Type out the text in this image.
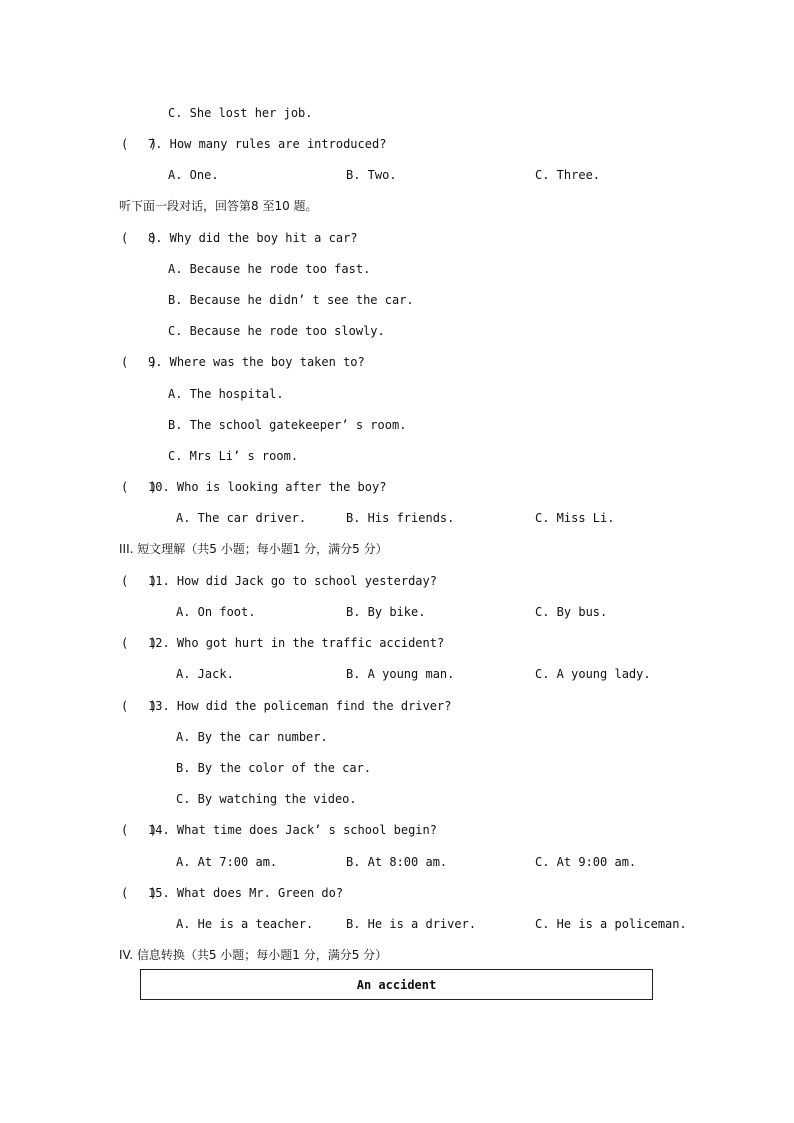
C. She lost her job.
(   )
7. How many rules are introduced?
A. One.	B. Two.	C. Three.
听下面一段对话，回答第8 至10 题。
(   )
8. Why did the boy hit a car?
A. Because he rode too fast.
B. Because he didn’ t see the car.
C. Because he rode too slowly.
(   )
9. Where was the boy taken to?
A. The hospital.
B. The school gatekeeper’ s room.
C. Mrs Li’ s room.
(   )
10. Who is looking after the boy?
A. The car driver.	B. His friends.	C. Miss Li.
III. 短文理解（共5 小题；每小题1 分，满分5 分）
(   )
11. How did Jack go to school yesterday?
A. On foot.	B. By bike.	C. By bus.
(   )
12. Who got hurt in the traffic accident?
A. Jack.	B. A young man.	C. A young lady.
(   )
13. How did the policeman find the driver?
A. By the car number.
B. By the color of the car.
C. By watching the video.
(   )
14. What time does Jack’ s school begin?
A. At 7:00 am.	B. At 8:00 am.	C. At 9:00 am.
(   )
15. What does Mr. Green do?
A. He is a teacher.	B. He is a driver.	C. He is a policeman.
IV. 信息转换（共5 小题；每小题1 分，满分5 分）
An accident
